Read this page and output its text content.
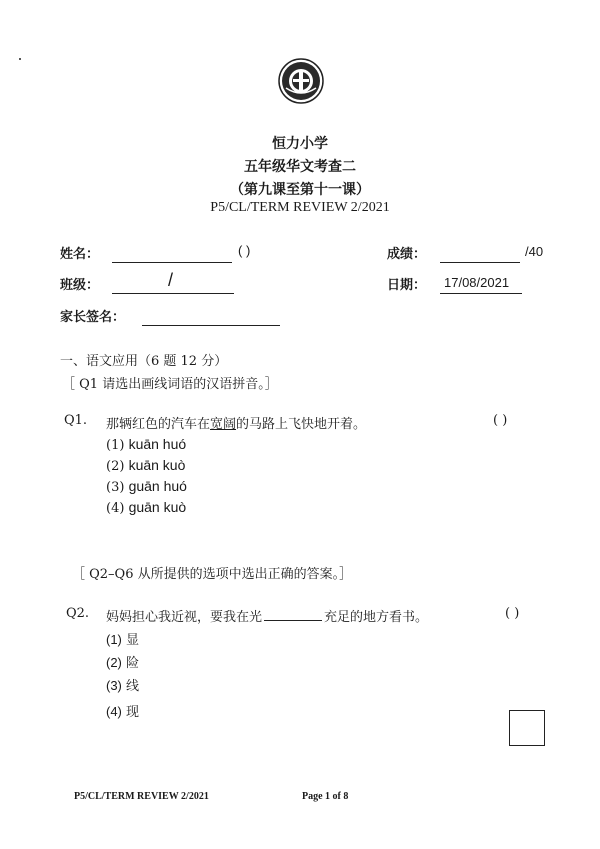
恒力小学
五年级华文考查二
（第九课至第十一课）
P5/CL/TERM REVIEW 2/2021
姓名：	( )	成绩：	/40
班级：	/	日期： 17/08/2021
家长签名：
一、语文应用（6 题 12 分）
［ Q1 请选出画线词语的汉语拼音。］
Q1. 那辆红色的汽车在宽阔的马路上飞快地开着。	( )
(1) kuān huó
(2) kuān kuò
(3) guān huó
(4) guān kuò
［ Q2–Q6 从所提供的选项中选出正确的答案。］
Q2. 妈妈担心我近视，要我在光	充足的地方看书。	( )
(1) 显
(2) 险
(3) 线
(4) 现
P5/CL/TERM REVIEW 2/2021	Page 1 of 8
